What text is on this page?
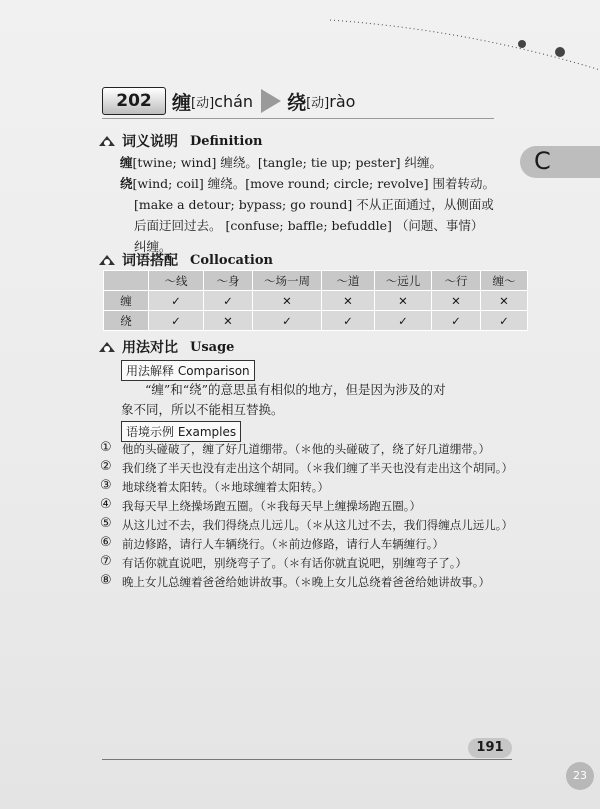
202	缠 [动] chán 绕 [动] rào
C
词义说明 Definition
缠[twine; wind] 缠绕。[tangle; tie up; pester] 纠缠。
绕[wind; coil] 缠绕。[move round; circle; revolve] 围着转动。
[make a detour; bypass; go round] 不从正面通过，从侧面或
后面迂回过去。 [confuse; baffle; befuddle] （问题、事情）
纠缠。
词语搭配 Collocation
	～线	～身	～场一周	～道	～远儿	～行	缠～
缠	✓	✓	✕	✕	✕	✕	✕
绕	✓	✕	✓	✓	✓	✓	✓
用法对比 Usage
用法解释 Comparison
“缠”和“绕”的意思虽有相似的地方，但是因为涉及的对
象不同，所以不能相互替换。
语境示例 Examples
① 他的头碰破了，缠了好几道绷带。（＊他的头碰破了，绕了好几道绷带。）
② 我们绕了半天也没有走出这个胡同。（＊我们缠了半天也没有走出这个胡同。）
③ 地球绕着太阳转。（＊地球缠着太阳转。）
④ 我每天早上绕操场跑五圈。（＊我每天早上缠操场跑五圈。）
⑤ 从这儿过不去，我们得绕点儿远儿。（＊从这儿过不去，我们得缠点儿远儿。）
⑥ 前边修路，请行人车辆绕行。（＊前边修路，请行人车辆缠行。）
⑦ 有话你就直说吧，别绕弯子了。（＊有话你就直说吧，别缠弯子了。）
⑧ 晚上女儿总缠着爸爸给她讲故事。（＊晚上女儿总绕着爸爸给她讲故事。）
191
23
